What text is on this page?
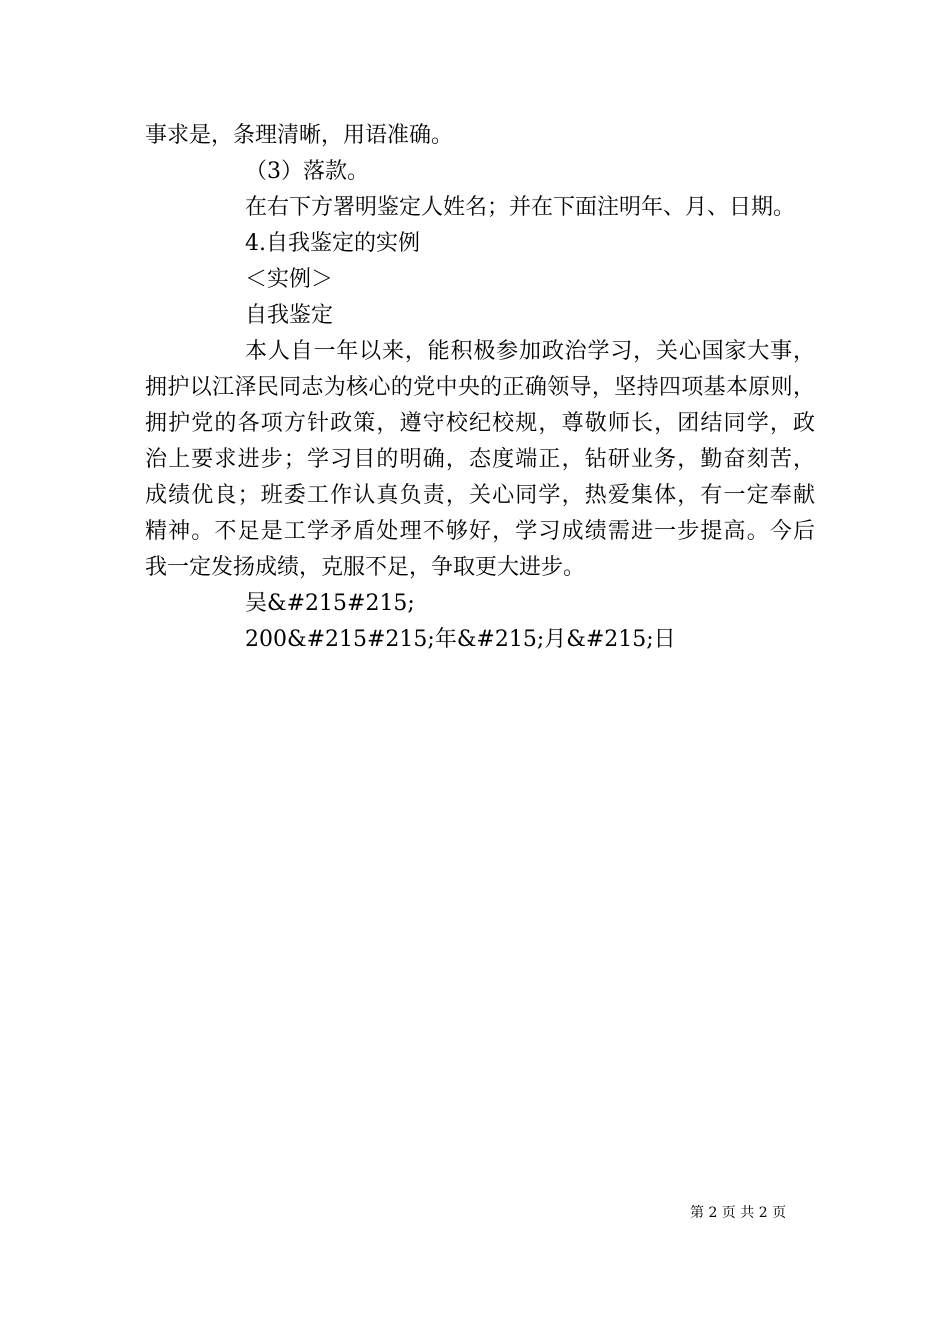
事求是，条理清晰，用语准确。
（3）落款。
在右下方署明鉴定人姓名；并在下面注明年、月、日期。
4.自我鉴定的实例
＜实例＞
自我鉴定
本人自一年以来，能积极参加政治学习，关心国家大事，
拥护以江泽民同志为核心的党中央的正确领导，坚持四项基本原则，
拥护党的各项方针政策，遵守校纪校规，尊敬师长，团结同学，政
治上要求进步；学习目的明确，态度端正，钻研业务，勤奋刻苦，
成绩优良；班委工作认真负责，关心同学，热爱集体，有一定奉献
精神。不足是工学矛盾处理不够好，学习成绩需进一步提高。今后
我一定发扬成绩，克服不足，争取更大进步。
吴&#215#215;
200&#215#215;年&#215;月&#215;日
第 2 页 共 2 页
